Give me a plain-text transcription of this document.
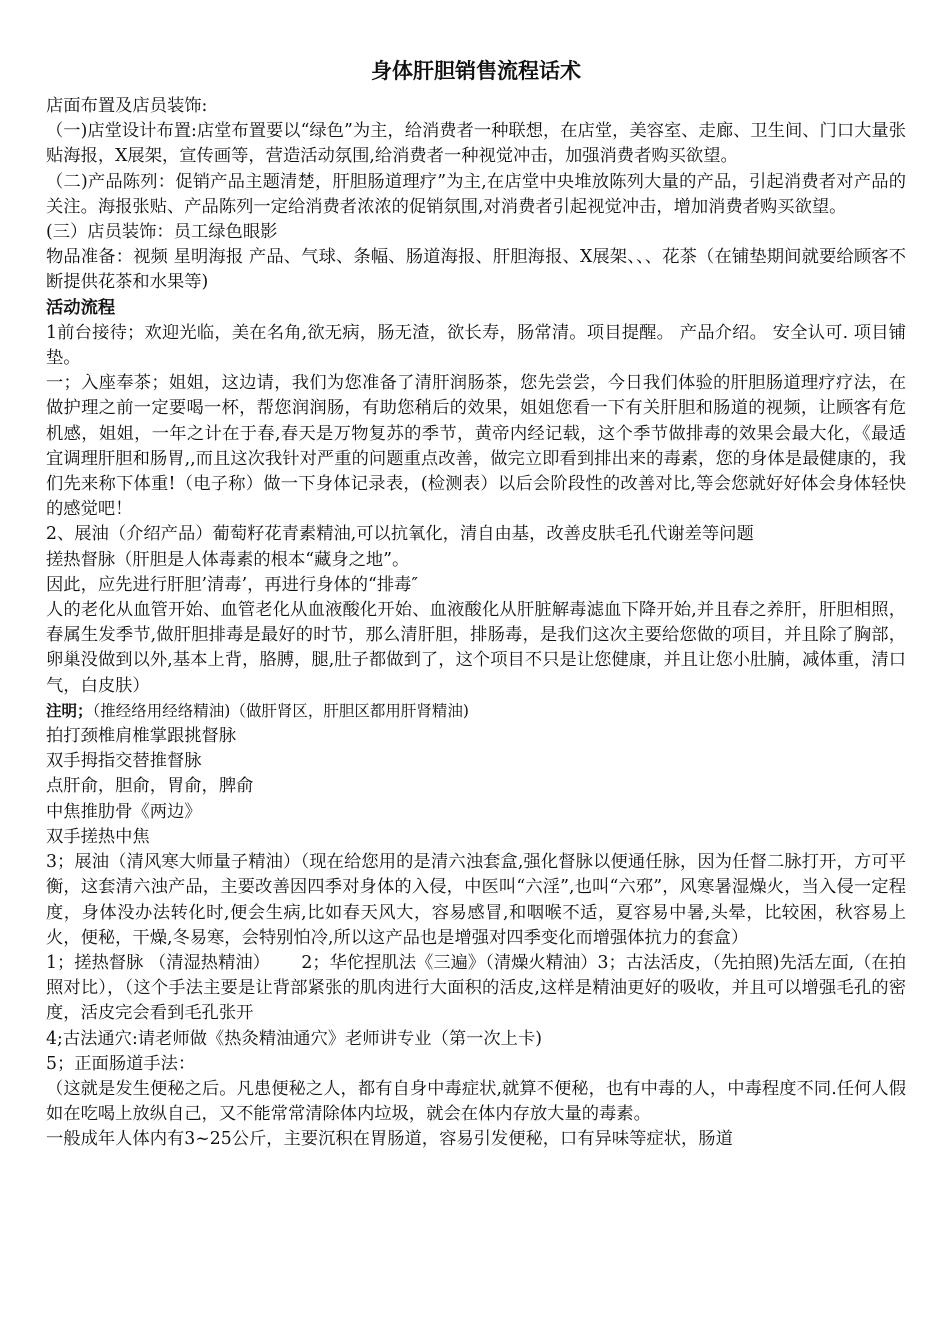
身体肝胆销售流程话术

店面布置及店员装饰:

（一)店堂设计布置:店堂布置要以“绿色”为主，给消费者一种联想，在店堂，美容室、走廊、卫生间、门口大量张贴海报，X展架，宣传画等，营造活动氛围,给消费者一种视觉冲击，加强消费者购买欲望。

（二)产品陈列：促销产品主题清楚，肝胆肠道理疗”为主,在店堂中央堆放陈列大量的产品，引起消费者对产品的关注。海报张贴、产品陈列一定给消费者浓浓的促销氛围,对消费者引起视觉冲击，增加消费者购买欲望。

(三）店员装饰：员工绿色眼影

物品准备：视频 星明海报 产品、气球、条幅、肠道海报、肝胆海报、X展架、、、花茶（在铺垫期间就要给顾客不断提供花茶和水果等)

活动流程

1前台接待；欢迎光临，美在名角,欲无病，肠无渣，欲长寿，肠常清。项目提醒。 产品介绍。 安全认可. 项目铺垫。

一；入座奉茶；姐姐，这边请，我们为您准备了清肝润肠茶，您先尝尝，今日我们体验的肝胆肠道理疗疗法，在做护理之前一定要喝一杯，帮您润润肠，有助您稍后的效果，姐姐您看一下有关肝胆和肠道的视频，让顾客有危机感，姐姐，一年之计在于春,春天是万物复苏的季节，黄帝内经记载，这个季节做排毒的效果会最大化，《最适宜调理肝胆和肠胃,,而且这次我针对严重的问题重点改善，做完立即看到排出来的毒素，您的身体是最健康的，我们先来称下体重!（电子称）做一下身体记录表，(检测表）以后会阶段性的改善对比,等会您就好好体会身体轻快的感觉吧！

2、展油（介绍产品）葡萄籽花青素精油,可以抗氧化，清自由基，改善皮肤毛孔代谢差等问题

搓热督脉（肝胆是人体毒素的根本“藏身之地”。

因此，应先进行肝胆’清毒’，再进行身体的“排毒″

人的老化从血管开始、血管老化从血液酸化开始、血液酸化从肝脏解毒滤血下降开始,并且春之养肝，肝胆相照，春属生发季节,做肝胆排毒是最好的时节，那么清肝胆，排肠毒，是我们这次主要给您做的项目，并且除了胸部，卵巢没做到以外,基本上背，胳膊，腿,肚子都做到了，这个项目不只是让您健康，并且让您小肚腩，减体重，清口气，白皮肤）

注明；（推经络用经络精油)（做肝肾区，肝胆区都用肝肾精油)

拍打颈椎肩椎掌跟挑督脉

双手拇指交替推督脉

点肝俞，胆俞，胃俞，脾俞

中焦推肋骨《两边》

双手搓热中焦

3；展油（清风寒大师量子精油）（现在给您用的是清六浊套盒,强化督脉以便通任脉，因为任督二脉打开，方可平衡，这套清六浊产品，主要改善因四季对身体的入侵，中医叫“六淫”,也叫“六邪”，风寒暑湿燥火，当入侵一定程度，身体没办法转化时,便会生病,比如春天风大，容易感冒,和咽喉不适，夏容易中暑,头晕，比较困，秋容易上火，便秘，干燥,冬易寒，会特别怕冷,所以这产品也是增强对四季变化而增强体抗力的套盒）

1；搓热督脉 （清湿热精油）　　 2；华佗捏肌法《三遍》（清燥火精油）3；古法活皮，（先拍照)先活左面,（在拍照对比），（这个手法主要是让背部紧张的肌肉进行大面积的活皮,这样是精油更好的吸收，并且可以增强毛孔的密度，活皮完会看到毛孔张开

4;古法通穴:请老师做《热灸精油通穴》老师讲专业（第一次上卡)

5；正面肠道手法：

（这就是发生便秘之后。凡患便秘之人，都有自身中毒症状,就算不便秘，也有中毒的人，中毒程度不同.任何人假如在吃喝上放纵自己，又不能常常清除体内垃圾，就会在体内存放大量的毒素。

一般成年人体内有3~25公斤，主要沉积在胃肠道，容易引发便秘，口有异味等症状，肠道
